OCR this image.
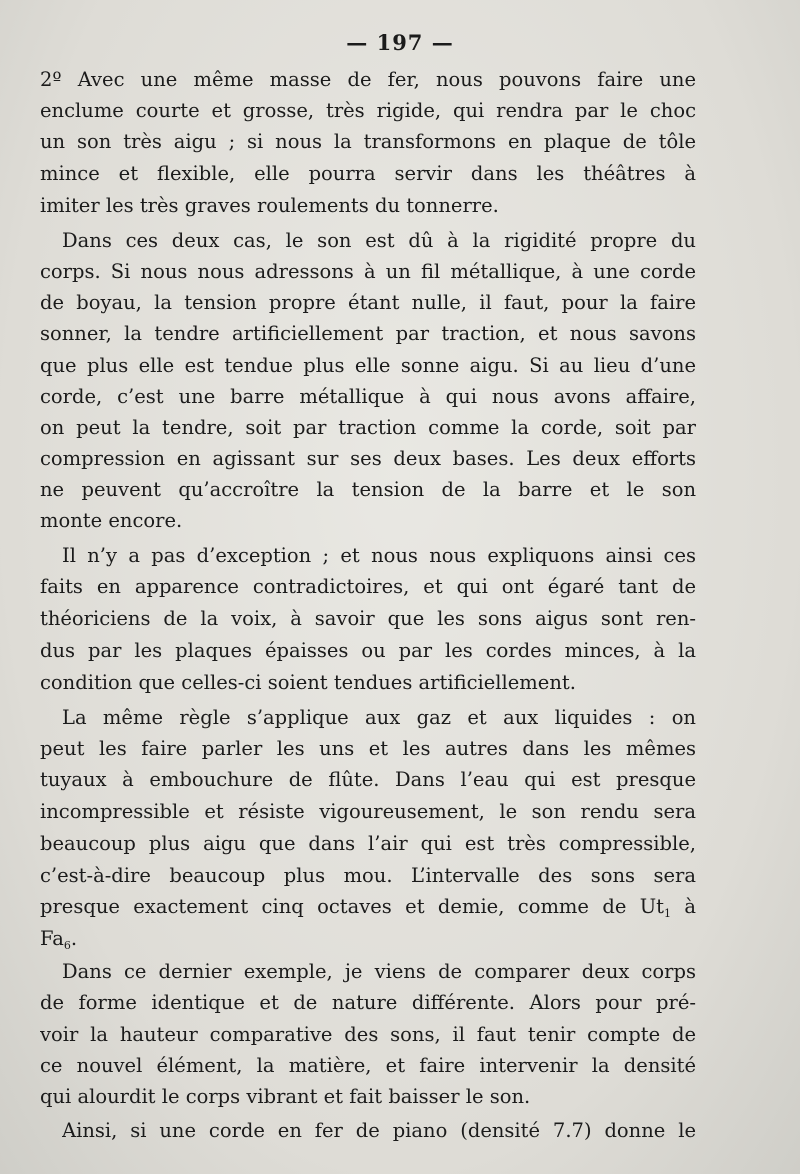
— 197 —
2º Avec une même masse de fer, nous pouvons faire une
enclume courte et grosse, très rigide, qui rendra par le choc
un son très aigu ; si nous la transformons en plaque de tôle
mince et flexible, elle pourra servir dans les théâtres à
imiter les très graves roulements du tonnerre.
Dans ces deux cas, le son est dû à la rigidité propre du
corps. Si nous nous adressons à un fil métallique, à une corde
de boyau, la tension propre étant nulle, il faut, pour la faire
sonner, la tendre artificiellement par traction, et nous savons
que plus elle est tendue plus elle sonne aigu. Si au lieu d’une
corde, c’est une barre métallique à qui nous avons affaire,
on peut la tendre, soit par traction comme la corde, soit par
compression en agissant sur ses deux bases. Les deux efforts
ne peuvent qu’accroître la tension de la barre et le son
monte encore.
Il n’y a pas d’exception ; et nous nous expliquons ainsi ces
faits en apparence contradictoires, et qui ont égaré tant de
théoriciens de la voix, à savoir que les sons aigus sont ren-
dus par les plaques épaisses ou par les cordes minces, à la
condition que celles-ci soient tendues artificiellement.
La même règle s’applique aux gaz et aux liquides : on
peut les faire parler les uns et les autres dans les mêmes
tuyaux à embouchure de flûte. Dans l’eau qui est presque
incompressible et résiste vigoureusement, le son rendu sera
beaucoup plus aigu que dans l’air qui est très compressible,
c’est-à-dire beaucoup plus mou. L’intervalle des sons sera
presque exactement cinq octaves et demie, comme de $Ut_1$ à
$Fa_6$.
Dans ce dernier exemple, je viens de comparer deux corps
de forme identique et de nature différente. Alors pour pré-
voir la hauteur comparative des sons, il faut tenir compte de
ce nouvel élément, la matière, et faire intervenir la densité
qui alourdit le corps vibrant et fait baisser le son.
Ainsi, si une corde en fer de piano (densité 7.7) donne le
